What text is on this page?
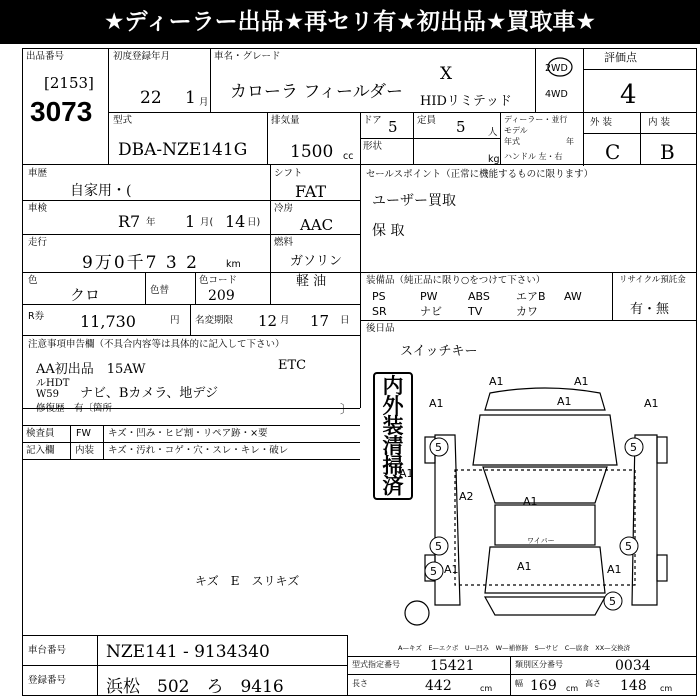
★ディーラー出品★再セリ有★初出品★買取車★
出品番号
[2153]
3073
初度登録年月
22 1 月
車名・グレード
カローラ フィールダー
X
HIDリミテッド
2WD
4WD
評価点
4
外 装	内 装
C B
型式
DBA-NZE141G
排気量
1500 cc
ドア 5 定員 5 人
形状
kg
ディーラー・並行
モデル
年式	年
ハンドル 左・右
車歴
自家用・(
シフト
FAT
車検
R7 年 1 月( 14 日)
冷房
AAC
走行
9万0千7 3 2	km
燃料
ガソリン
軽 油
色
クロ	色替
色コード
209
R券 11,730	円 名変期限 12 月 17 日
セールスポイント（正常に機能するものに限ります）
ユーザー買取
保 取
装備品（純正品に限り○をつけて下さい）
PS	PW	ABS エアB AW
SR	ナビ TV	カワ
リサイクル預託金
有・無
後日品
スイッチキー
注意事項申告欄（不具合内容等は具体的に記入して下さい）
AA初出品　15AW	ETC
ルHDT W59	ナビ、Bカメラ、地デジ
修復歴　有〔箇所	〕
検査員 FW キズ・凹み・ヒビ割・リペア跡・×要
記入欄 内装 キズ・汚れ・コゲ・穴・スレ・キレ・破レ
キズ　E　スリキズ
内外装清掃済
A1	A1
A1	A1	A1
A1
A1
A1
A1	A1
A2
5
5
5
5
5
5
ワイパー
A—キズ　E—エクボ　U—凹み　W—補修跡　S—サビ　C—腐食　XX—交換済
車台番号 NZE141 - 9134340
登録番号 浜松　502　ろ　9416
型式指定番号 15421	類別区分番号	0034
長さ	442	cm
幅 169 cm
高さ 148 cm
